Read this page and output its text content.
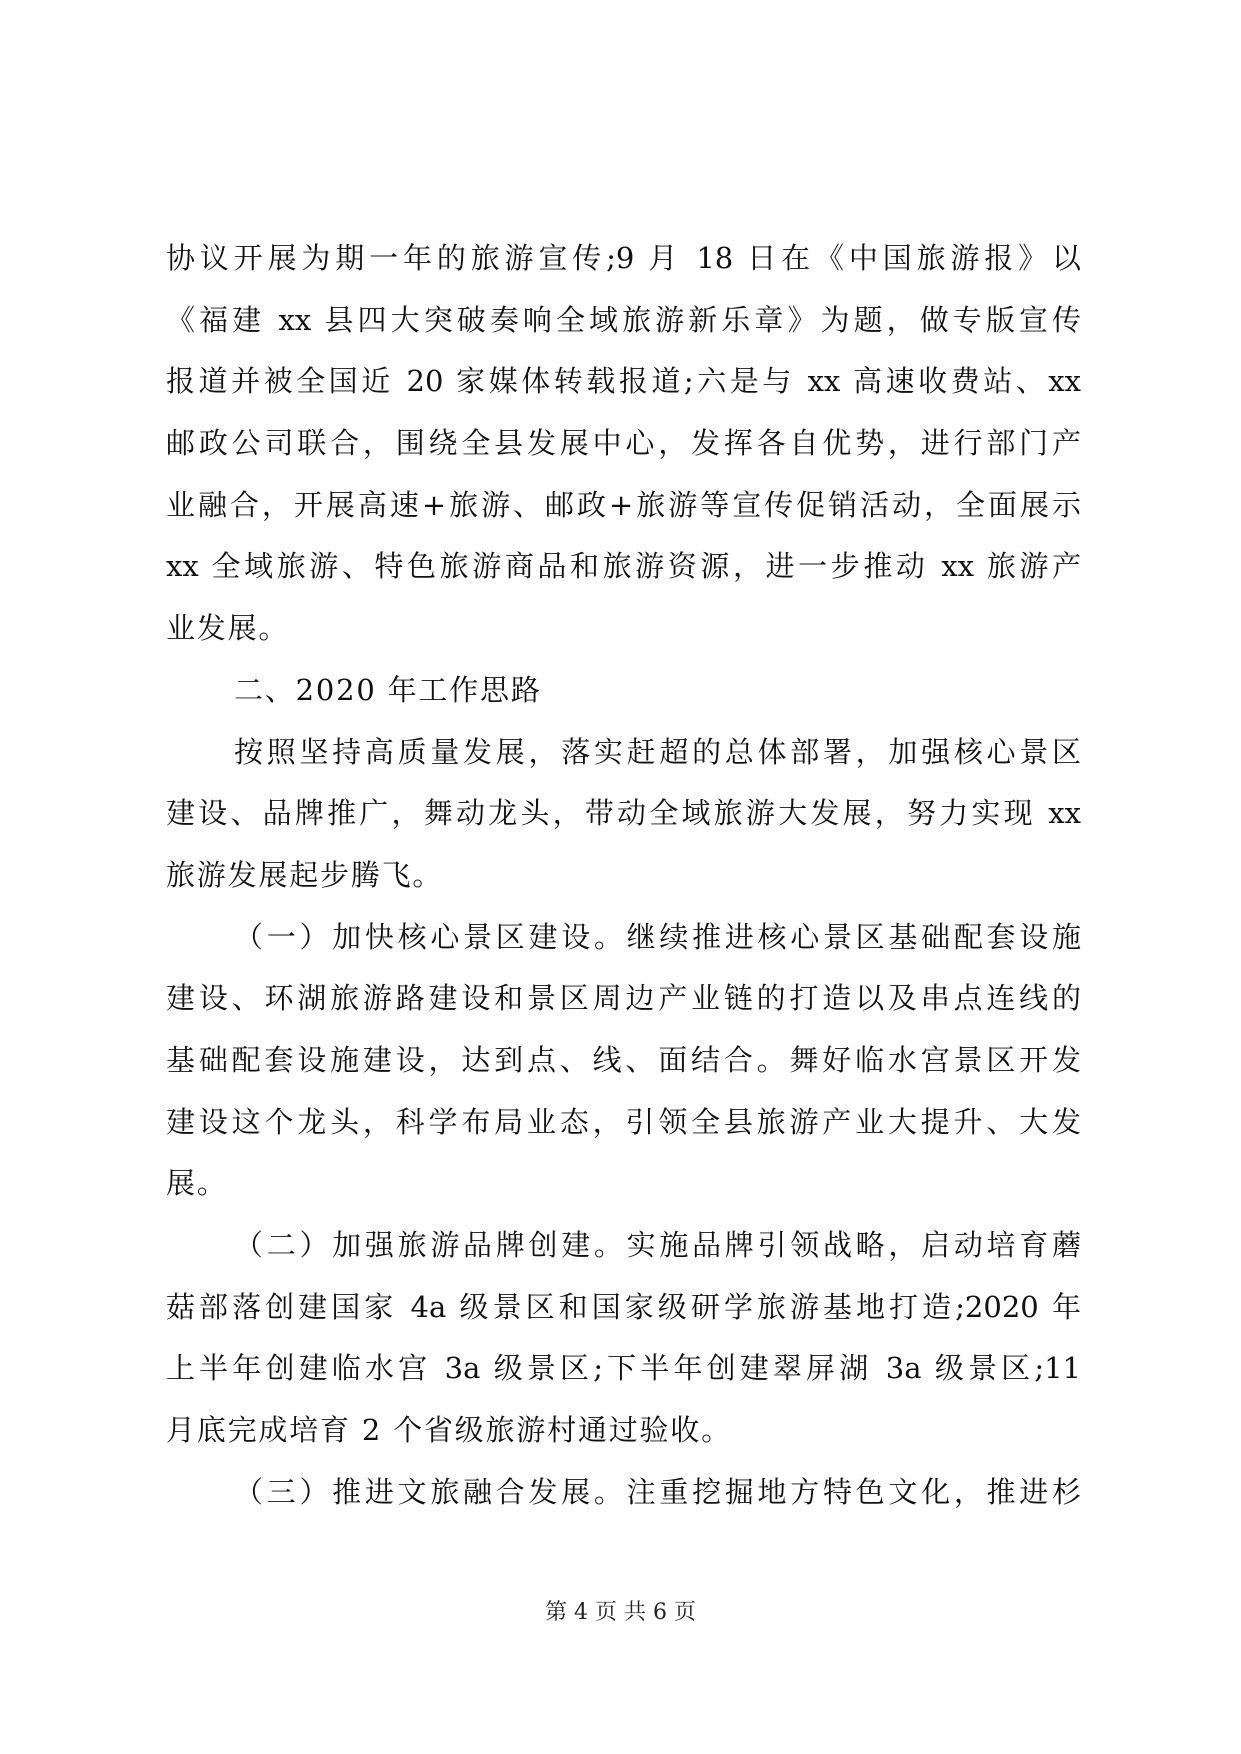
协议开展为期一年的旅游宣传;9 月 18 日在《中国旅游报》以
《福建 xx 县四大突破奏响全域旅游新乐章》为题，做专版宣传
报道并被全国近 20 家媒体转载报道;六是与 xx 高速收费站、xx
邮政公司联合，围绕全县发展中心，发挥各自优势，进行部门产
业融合，开展高速+旅游、邮政+旅游等宣传促销活动，全面展示
xx 全域旅游、特色旅游商品和旅游资源，进一步推动 xx 旅游产
业发展。
二、2020 年工作思路
按照坚持高质量发展，落实赶超的总体部署，加强核心景区
建设、品牌推广，舞动龙头，带动全域旅游大发展，努力实现 xx
旅游发展起步腾飞。
（一）加快核心景区建设。继续推进核心景区基础配套设施
建设、环湖旅游路建设和景区周边产业链的打造以及串点连线的
基础配套设施建设，达到点、线、面结合。舞好临水宫景区开发
建设这个龙头，科学布局业态，引领全县旅游产业大提升、大发
展。
（二）加强旅游品牌创建。实施品牌引领战略，启动培育蘑
菇部落创建国家 4a 级景区和国家级研学旅游基地打造;2020 年
上半年创建临水宫 3a 级景区;下半年创建翠屏湖 3a 级景区;11
月底完成培育 2 个省级旅游村通过验收。
（三）推进文旅融合发展。注重挖掘地方特色文化，推进杉
第 4 页 共 6 页
